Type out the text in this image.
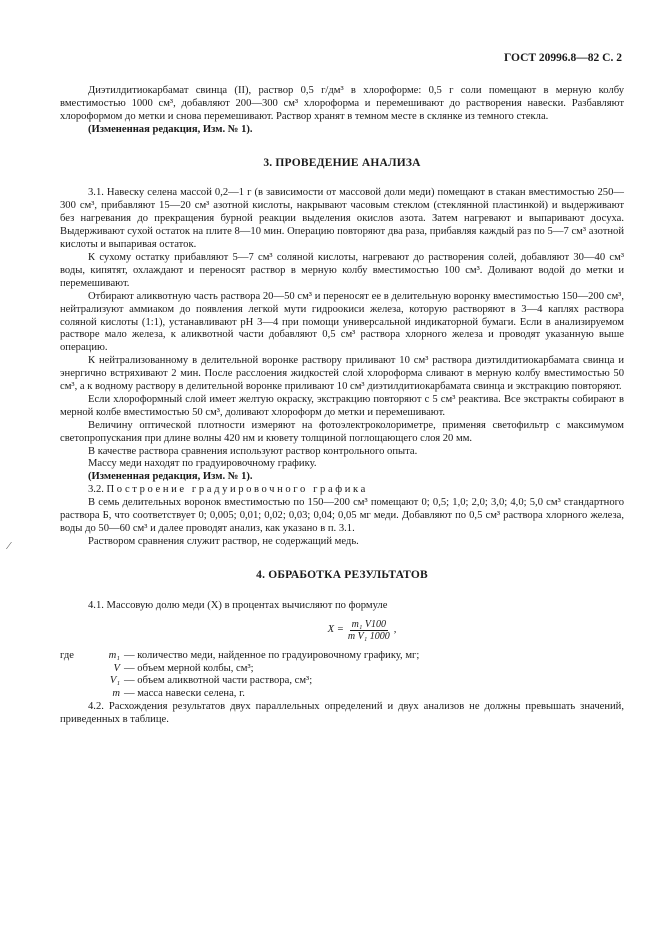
ГОСТ 20996.8—82 С. 2

Диэтилдитиокарбамат свинца (II), раствор 0,5 г/дм³ в хлороформе: 0,5 г соли помещают в мерную колбу вместимостью 1000 см³, добавляют 200—300 см³ хлороформа и перемешивают до растворения навески. Разбавляют хлороформом до метки и снова перемешивают. Раствор хранят в темном месте в склянке из темного стекла.

(Измененная редакция, Изм. № 1).

3. ПРОВЕДЕНИЕ АНАЛИЗА

3.1. Навеску селена массой 0,2—1 г (в зависимости от массовой доли меди) помещают в стакан вместимостью 250—300 см³, прибавляют 15—20 см³ азотной кислоты, накрывают часовым стеклом (стеклянной пластинкой) и выдерживают без нагревания до прекращения бурной реакции выделения окислов азота. Затем нагревают и выпаривают досуха. Выдерживают сухой остаток на плите 8—10 мин. Операцию повторяют два раза, прибавляя каждый раз по 5—7 см³ азотной кислоты и выпаривая остаток.

К сухому остатку прибавляют 5—7 см³ соляной кислоты, нагревают до растворения солей, добавляют 30—40 см³ воды, кипятят, охлаждают и переносят раствор в мерную колбу вместимостью 100 см³. Доливают водой до метки и перемешивают.

Отбирают аликвотную часть раствора 20—50 см³ и переносят ее в делительную воронку вместимостью 150—200 см³, нейтрализуют аммиаком до появления легкой мути гидроокиси железа, которую растворяют в 3—4 каплях раствора соляной кислоты (1:1), устанавливают pH 3—4 при помощи универсальной индикаторной бумаги. Если в анализируемом растворе мало железа, к аликвотной части добавляют 0,5 см³ раствора хлорного железа и проводят указанную выше операцию.

К нейтрализованному в делительной воронке раствору приливают 10 см³ раствора диэтилдитиокарбамата свинца и энергично встряхивают 2 мин. После расслоения жидкостей слой хлороформа сливают в мерную колбу вместимостью 50 см³, а к водному раствору в делительной воронке приливают 10 см³ диэтилдитиокарбамата свинца и экстракцию повторяют.

Если хлороформный слой имеет желтую окраску, экстракцию повторяют с 5 см³ реактива. Все экстракты собирают в мерной колбе вместимостью 50 см³, доливают хлороформ до метки и перемешивают.

Величину оптической плотности измеряют на фотоэлектроколориметре, применяя светофильтр с максимумом светопропускания при длине волны 420 нм и кювету толщиной поглощающего слоя 20 мм.

В качестве раствора сравнения используют раствор контрольного опыта.

Массу меди находят по градуировочному графику.

(Измененная редакция, Изм. № 1).

3.2. Построение градуировочного графика

В семь делительных воронок вместимостью по 150—200 см³ помещают 0; 0,5; 1,0; 2,0; 3,0; 4,0; 5,0 см³ стандартного раствора Б, что соответствует 0; 0,005; 0,01; 0,02; 0,03; 0,04; 0,05 мг меди. Добавляют по 0,5 см³ раствора хлорного железа, воды до 50—60 см³ и далее проводят анализ, как указано в п. 3.1.

Раствором сравнения служит раствор, не содержащий медь.

4. ОБРАБОТКА РЕЗУЛЬТАТОВ

4.1. Массовую долю меди (X) в процентах вычисляют по формуле

$X = \frac{\text{m₁ V100}}{\text{m V₁ 1000}}$ ,
где	m₁ — количество меди, найденное по градуировочному графику, мг;
V — объем мерной колбы, см³;
V₁ — объем аликвотной части раствора, см³;
m — масса навески селена, г.

4.2. Расхождения результатов двух параллельных определений и двух анализов не должны превышать значений, приведенных в таблице.

⁄
